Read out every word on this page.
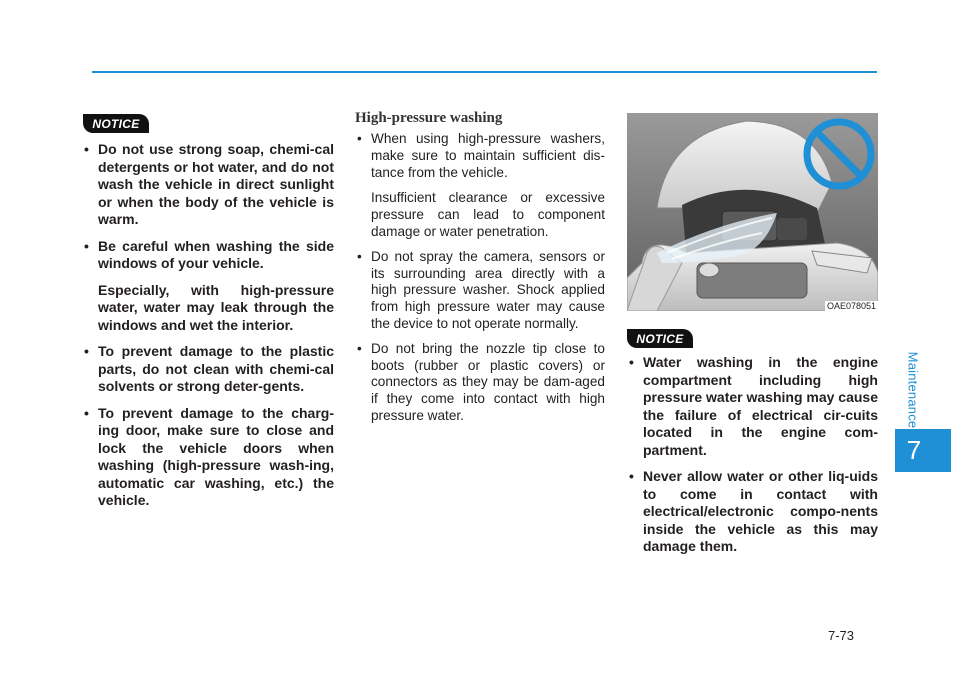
NOTICE

• Do not use strong soap, chemi-cal detergents or hot water, and do not wash the vehicle in direct sunlight or when the body of the vehicle is warm.

• Be careful when washing the side windows of your vehicle.

Especially, with high-pressure water, water may leak through the windows and wet the interior.

• To prevent damage to the plastic parts, do not clean with chemi-cal solvents or strong deter-gents.

• To prevent damage to the charg-ing door, make sure to close and lock the vehicle doors when washing (high-pressure wash-ing, automatic car washing, etc.) the vehicle.

High-pressure washing

• When using high-pressure washers, make sure to maintain sufficient dis-tance from the vehicle.

Insufficient clearance or excessive pressure can lead to component damage or water penetration.

• Do not spray the camera, sensors or its surrounding area directly with a high pressure washer. Shock applied from high pressure water may cause the device to not operate normally.

• Do not bring the nozzle tip close to boots (rubber or plastic covers) or connectors as they may be dam-aged if they come into contact with high pressure water.

OAE078051
NOTICE

• Water washing in the engine compartment including high pressure water washing may cause the failure of electrical cir-cuits located in the engine com-partment.

• Never allow water or other liq-uids to come in contact with electrical/electronic compo-nents inside the vehicle as this may damage them.

Maintenance
7
7-73
